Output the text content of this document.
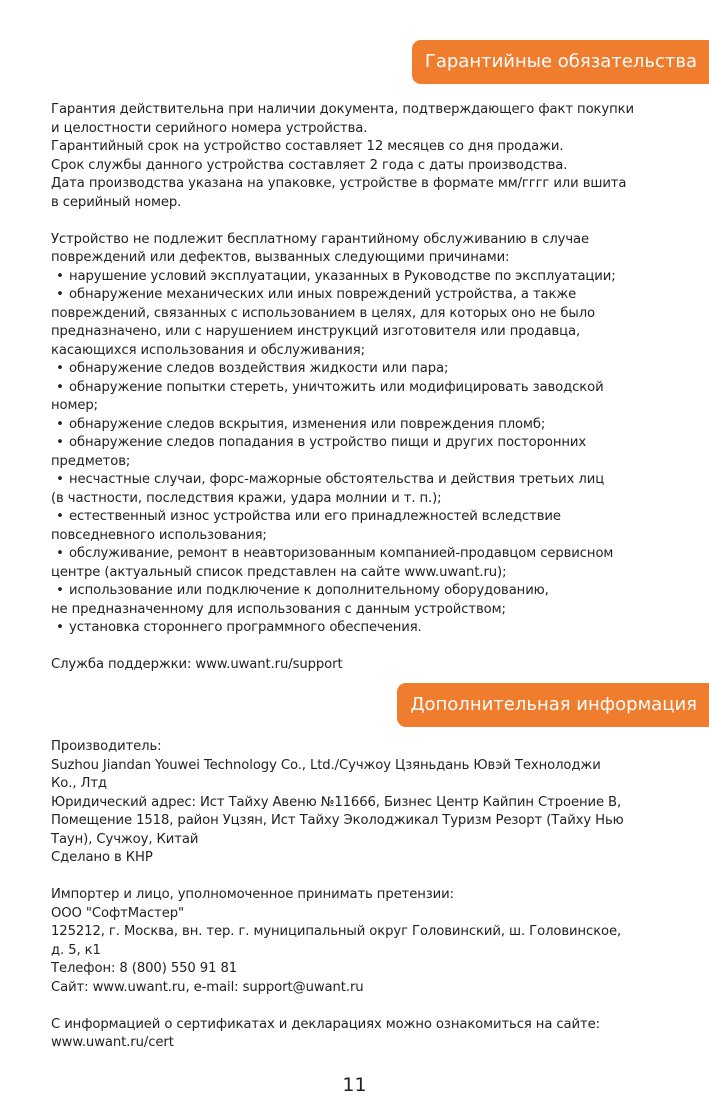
Гарантийные обязательства
Гарантия действительна при наличии документа, подтверждающего факт покупки
и целостности серийного номера устройства.
Гарантийный срок на устройство составляет 12 месяцев со дня продажи.
Срок службы данного устройства составляет 2 года с даты производства.
Дата производства указана на упаковке, устройстве в формате мм/гггг или вшита
в серийный номер.
Устройство не подлежит бесплатному гарантийному обслуживанию в случае
повреждений или дефектов, вызванных следующими причинами:
• нарушение условий эксплуатации, указанных в Руководстве по эксплуатации;
• обнаружение механических или иных повреждений устройства, а также
повреждений, связанных с использованием в целях, для которых оно не было
предназначено, или с нарушением инструкций изготовителя или продавца,
касающихся использования и обслуживания;
• обнаружение следов воздействия жидкости или пара;
• обнаружение попытки стереть, уничтожить или модифицировать заводской
номер;
• обнаружение следов вскрытия, изменения или повреждения пломб;
• обнаружение следов попадания в устройство пищи и других посторонних
предметов;
• несчастные случаи, форс-мажорные обстоятельства и действия третьих лиц
(в частности, последствия кражи, удара молнии и т. п.);
• естественный износ устройства или его принадлежностей вследствие
повседневного использования;
• обслуживание, ремонт в неавторизованным компанией-продавцом сервисном
центре (актуальный список представлен на сайте www.uwant.ru);
• использование или подключение к дополнительному оборудованию,
не предназначенному для использования с данным устройством;
• установка стороннего программного обеспечения.
Служба поддержки: www.uwant.ru/support
Дополнительная информация
Производитель:
Suzhou Jiandan Youwei Technology Co., Ltd./Сучжоу Цзяньдань Ювэй Технолоджи
Ко., Лтд
Юридический адрес: Ист Тайху Авеню №11666, Бизнес Центр Кайпин Строение B,
Помещение 1518, район Уцзян, Ист Тайху Эколоджикал Туризм Резорт (Тайху Нью
Таун), Сучжоу, Китай
Сделано в КНР
Импортер и лицо, уполномоченное принимать претензии:
ООО "СофтМастер"
125212, г. Москва, вн. тер. г. муниципальный округ Головинский, ш. Головинское,
д. 5, к1
Телефон: 8 (800) 550 91 81
Сайт: www.uwant.ru, e-mail: support@uwant.ru
С информацией о сертификатах и декларациях можно ознакомиться на сайте:
www.uwant.ru/cert
11
